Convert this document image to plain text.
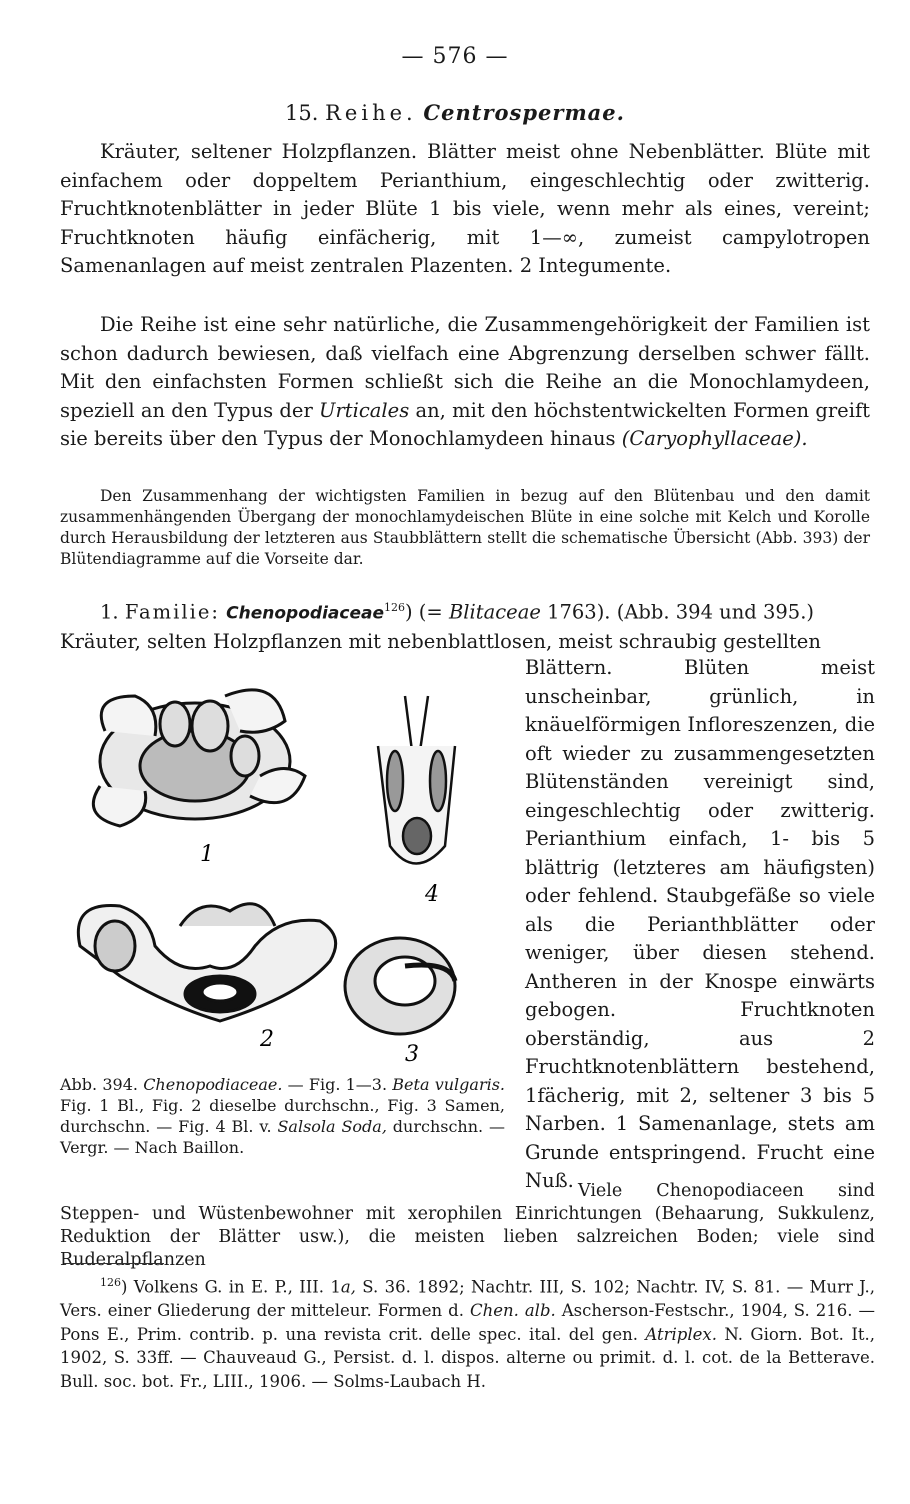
— 576 —
15. Reihe. Centrospermae.

Kräuter, seltener Holzpflanzen. Blätter meist ohne Nebenblätter. Blüte mit einfachem oder doppeltem Perianthium, eingeschlechtig oder zwitterig. Fruchtknotenblätter in jeder Blüte 1 bis viele, wenn mehr als eines, vereint; Fruchtknoten häufig einfächerig, mit 1—∞, zumeist campylotropen Samenanlagen auf meist zentralen Plazenten. 2 Integumente.

Die Reihe ist eine sehr natürliche, die Zusammengehörigkeit der Familien ist schon dadurch bewiesen, daß vielfach eine Abgrenzung derselben schwer fällt. Mit den einfachsten Formen schließt sich die Reihe an die Monochlamydeen, speziell an den Typus der Urticales an, mit den höchstentwickelten Formen greift sie bereits über den Typus der Monochlamydeen hinaus (Caryophyllaceae).

Den Zusammenhang der wichtigsten Familien in bezug auf den Blütenbau und den damit zusammenhängenden Übergang der monochlamydeischen Blüte in eine solche mit Kelch und Korolle durch Herausbildung der letzteren aus Staubblättern stellt die schematische Übersicht (Abb. 393) der Blütendiagramme auf die Vorseite dar.

1. Familie: Chenopodiaceae$^{126}$) (= Blitaceae 1763). (Abb. 394 und 395.)
Kräuter, selten Holzpflanzen mit nebenblattlosen, meist schraubig gestellten

Blättern. Blüten meist unscheinbar, grünlich, in knäuelförmigen Infloreszenzen, die oft wieder zu zusammengesetzten Blütenständen vereinigt sind, eingeschlechtig oder zwitterig. Perianthium einfach, 1- bis 5 blättrig (letzteres am häufigsten) oder fehlend. Staubgefäße so viele als die Perianthblätter oder weniger, über diesen stehend. Antheren in der Knospe einwärts gebogen. Fruchtknoten oberständig, aus 2 Fruchtknotenblättern bestehend, 1fächerig, mit 2, seltener 3 bis 5 Narben. 1 Samenanlage, stets am Grunde entspringend. Frucht eine Nuß.

1
4
2
3

Abb. 394. Chenopodiaceae. — Fig. 1—3. Beta vulgaris. Fig. 1 Bl., Fig. 2 dieselbe durchschn., Fig. 3 Samen, durchschn. — Fig. 4 Bl. v. Salsola Soda, durchschn. — Vergr. — Nach Baillon.

Viele Chenopodiaceen sind Steppen- und Wüstenbewohner mit xerophilen Einrichtungen (Behaarung, Sukkulenz, Reduktion der Blätter usw.), die meisten lieben salzreichen Boden; viele sind Ruderalpflanzen

$^{126}$) Volkens G. in E. P., III. 1a, S. 36. 1892; Nachtr. III, S. 102; Nachtr. IV, S. 81. — Murr J., Vers. einer Gliederung der mitteleur. Formen d. Chen. alb. Ascherson-Festschr., 1904, S. 216. — Pons E., Prim. contrib. p. una revista crit. delle spec. ital. del gen. Atriplex. N. Giorn. Bot. It., 1902, S. 33ff. — Chauveaud G., Persist. d. l. dispos. alterne ou primit. d. l. cot. de la Betterave. Bull. soc. bot. Fr., LIII., 1906. — Solms-Laubach H.
